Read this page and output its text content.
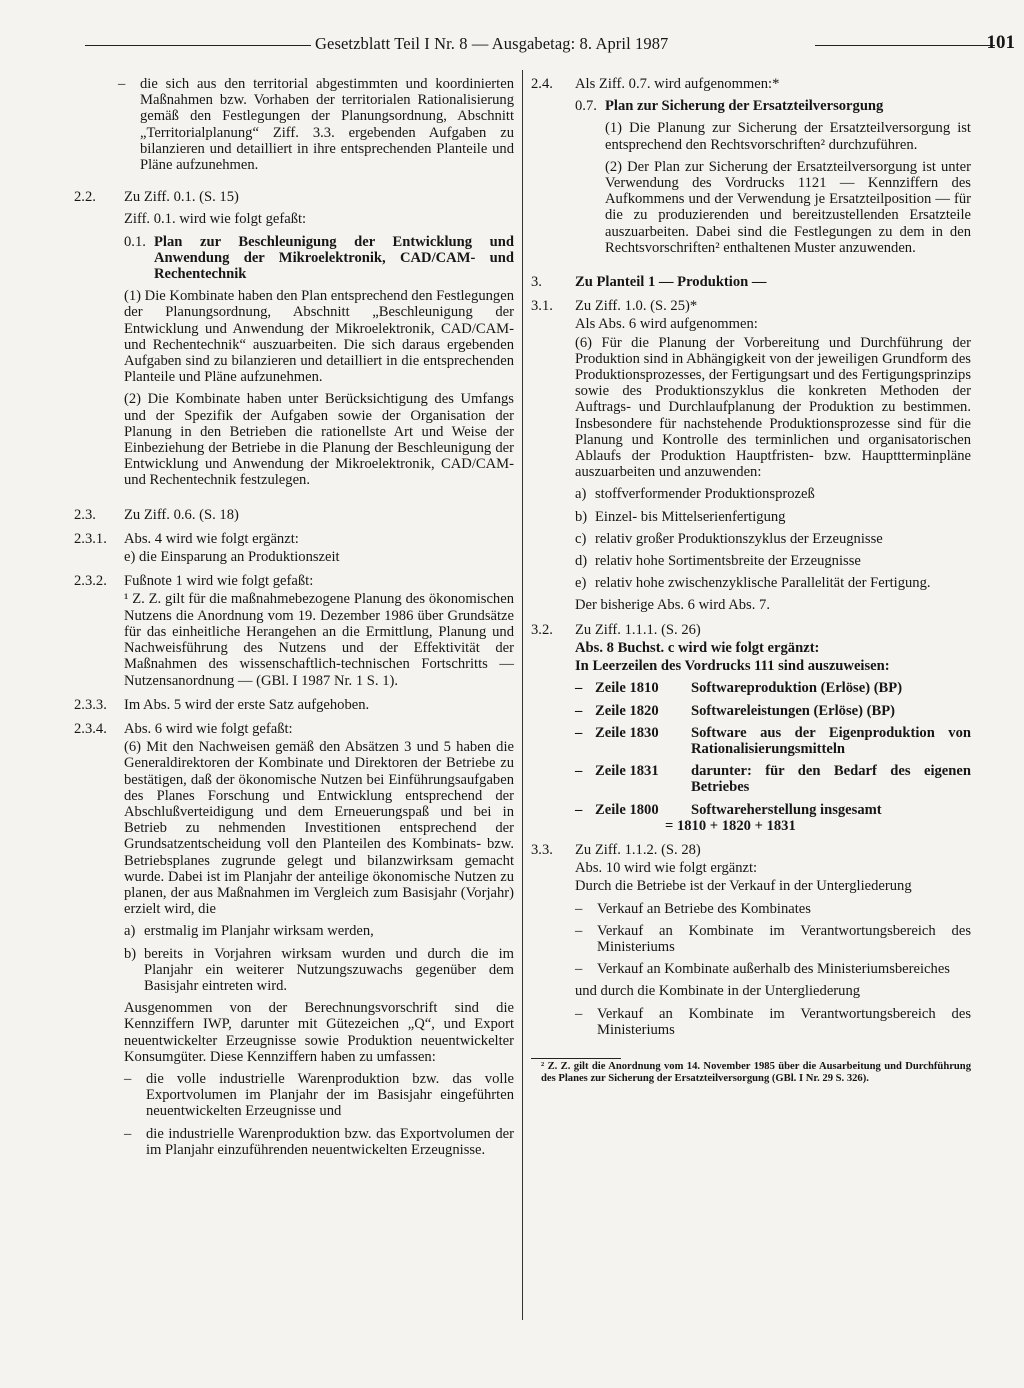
Gesetzblatt Teil I Nr. 8 — Ausgabetag: 8. April 1987	101
–	die sich aus den territorial abgestimmten und koordinierten Maßnahmen bzw. Vorhaben der territorialen Rationalisierung gemäß den Festlegungen der Planungsordnung, Abschnitt „Territorialplanung“ Ziff. 3.3. ergebenden Aufgaben zu bilanzieren und detailliert in ihre entsprechenden Planteile und Pläne aufzunehmen.
2.2.	Zu Ziff. 0.1. (S. 15)
Ziff. 0.1. wird wie folgt gefaßt:
0.1. Plan zur Beschleunigung der Entwicklung und Anwendung der Mikroelektronik, CAD/CAM- und Rechentechnik
(1) Die Kombinate haben den Plan entsprechend den Festlegungen der Planungsordnung, Abschnitt „Beschleunigung der Entwicklung und Anwendung der Mikroelektronik, CAD/CAM- und Rechentechnik“ auszuarbeiten. Die sich daraus ergebenden Aufgaben sind zu bilanzieren und detailliert in die entsprechenden Planteile und Pläne aufzunehmen.
(2) Die Kombinate haben unter Berücksichtigung des Umfangs und der Spezifik der Aufgaben sowie der Organisation der Planung in den Betrieben die rationellste Art und Weise der Einbeziehung der Betriebe in die Planung der Beschleunigung der Entwicklung und Anwendung der Mikroelektronik, CAD/CAM- und Rechentechnik festzulegen.
2.3.	Zu Ziff. 0.6. (S. 18)
2.3.1.	Abs. 4 wird wie folgt ergänzt:
e) die Einsparung an Produktionszeit
2.3.2.	Fußnote 1 wird wie folgt gefaßt:
¹ Z. Z. gilt für die maßnahmebezogene Planung des ökonomischen Nutzens die Anordnung vom 19. Dezember 1986 über Grundsätze für das einheitliche Herangehen an die Ermittlung, Planung und Nachweisführung des Nutzens und der Effektivität der Maßnahmen des wissenschaftlich-technischen Fortschritts — Nutzensanordnung — (GBl. I 1987 Nr. 1 S. 1).
2.3.3.	Im Abs. 5 wird der erste Satz aufgehoben.
2.3.4.	Abs. 6 wird wie folgt gefaßt:
(6) Mit den Nachweisen gemäß den Absätzen 3 und 5 haben die Generaldirektoren der Kombinate und Direktoren der Betriebe zu bestätigen, daß der ökonomische Nutzen bei Einführungsaufgaben des Planes Forschung und Entwicklung entsprechend der Abschlußverteidigung und dem Erneuerungspaß und bei in Betrieb zu nehmenden Investitionen entsprechend der Grundsatzentscheidung voll den Planteilen des Kombinats- bzw. Betriebsplanes zugrunde gelegt und bilanzwirksam gemacht wurde. Dabei ist im Planjahr der anteilige ökonomische Nutzen zu planen, der aus Maßnahmen im Vergleich zum Basisjahr (Vorjahr) erzielt wird, die
a) erstmalig im Planjahr wirksam werden,
b) bereits in Vorjahren wirksam wurden und durch die im Planjahr ein weiterer Nutzungszuwachs gegenüber dem Basisjahr eintreten wird.
Ausgenommen von der Berechnungsvorschrift sind die Kennziffern IWP, darunter mit Gütezeichen „Q“, und Export neuentwickelter Erzeugnisse sowie Produktion neuentwickelter Konsumgüter. Diese Kennziffern haben zu umfassen:
–	die volle industrielle Warenproduktion bzw. das volle Exportvolumen im Planjahr der im Basisjahr eingeführten neuentwickelten Erzeugnisse und
–	die industrielle Warenproduktion bzw. das Exportvolumen der im Planjahr einzuführenden neuentwickelten Erzeugnisse.
2.4.	Als Ziff. 0.7. wird aufgenommen:*
0.7. Plan zur Sicherung der Ersatzteilversorgung
(1) Die Planung zur Sicherung der Ersatzteilversorgung ist entsprechend den Rechtsvorschriften² durchzuführen.
(2) Der Plan zur Sicherung der Ersatzteilversorgung ist unter Verwendung des Vordrucks 1121 — Kennziffern des Aufkommens und der Verwendung je Ersatzteilposition — für die zu produzierenden und bereitzustellenden Ersatzteile auszuarbeiten. Dabei sind die Festlegungen zu dem in den Rechtsvorschriften² enthaltenen Muster anzuwenden.
3.	Zu Planteil 1 — Produktion —
3.1.	Zu Ziff. 1.0. (S. 25)*
Als Abs. 6 wird aufgenommen:
(6) Für die Planung der Vorbereitung und Durchführung der Produktion sind in Abhängigkeit von der jeweiligen Grundform des Produktionsprozesses, der Fertigungsart und des Fertigungsprinzips sowie des Produktionszyklus die konkreten Methoden der Auftrags- und Durchlaufplanung der Produktion zu bestimmen. Insbesondere für nachstehende Produktionsprozesse sind für die Planung und Kontrolle des terminlichen und organisatorischen Ablaufs der Produktion Hauptfristen- bzw. Haupttterminpläne auszuarbeiten und anzuwenden:
a) stoffverformender Produktionsprozeß
b) Einzel- bis Mittelserienfertigung
c) relativ großer Produktionszyklus der Erzeugnisse
d) relativ hohe Sortimentsbreite der Erzeugnisse
e) relativ hohe zwischenzyklische Parallelität der Fertigung.
Der bisherige Abs. 6 wird Abs. 7.
3.2.	Zu Ziff. 1.1.1. (S. 26)
Abs. 8 Buchst. c wird wie folgt ergänzt:
In Leerzeilen des Vordrucks 111 sind auszuweisen:
– Zeile 1810	Softwareproduktion (Erlöse) (BP)
– Zeile 1820	Softwareleistungen (Erlöse) (BP)
– Zeile 1830	Software aus der Eigenproduktion von Rationalisierungsmitteln
– Zeile 1831	darunter: für den Bedarf des eigenen Betriebes
– Zeile 1800	Softwareherstellung insgesamt
= 1810 + 1820 + 1831
3.3.	Zu Ziff. 1.1.2. (S. 28)
Abs. 10 wird wie folgt ergänzt:
Durch die Betriebe ist der Verkauf in der Untergliederung
–	Verkauf an Betriebe des Kombinates
–	Verkauf an Kombinate im Verantwortungsbereich des Ministeriums
–	Verkauf an Kombinate außerhalb des Ministeriumsbereiches
und durch die Kombinate in der Untergliederung
–	Verkauf an Kombinate im Verantwortungsbereich des Ministeriums
² Z. Z. gilt die Anordnung vom 14. November 1985 über die Ausarbeitung und Durchführung des Planes zur Sicherung der Ersatzteilversorgung (GBl. I Nr. 29 S. 326).
